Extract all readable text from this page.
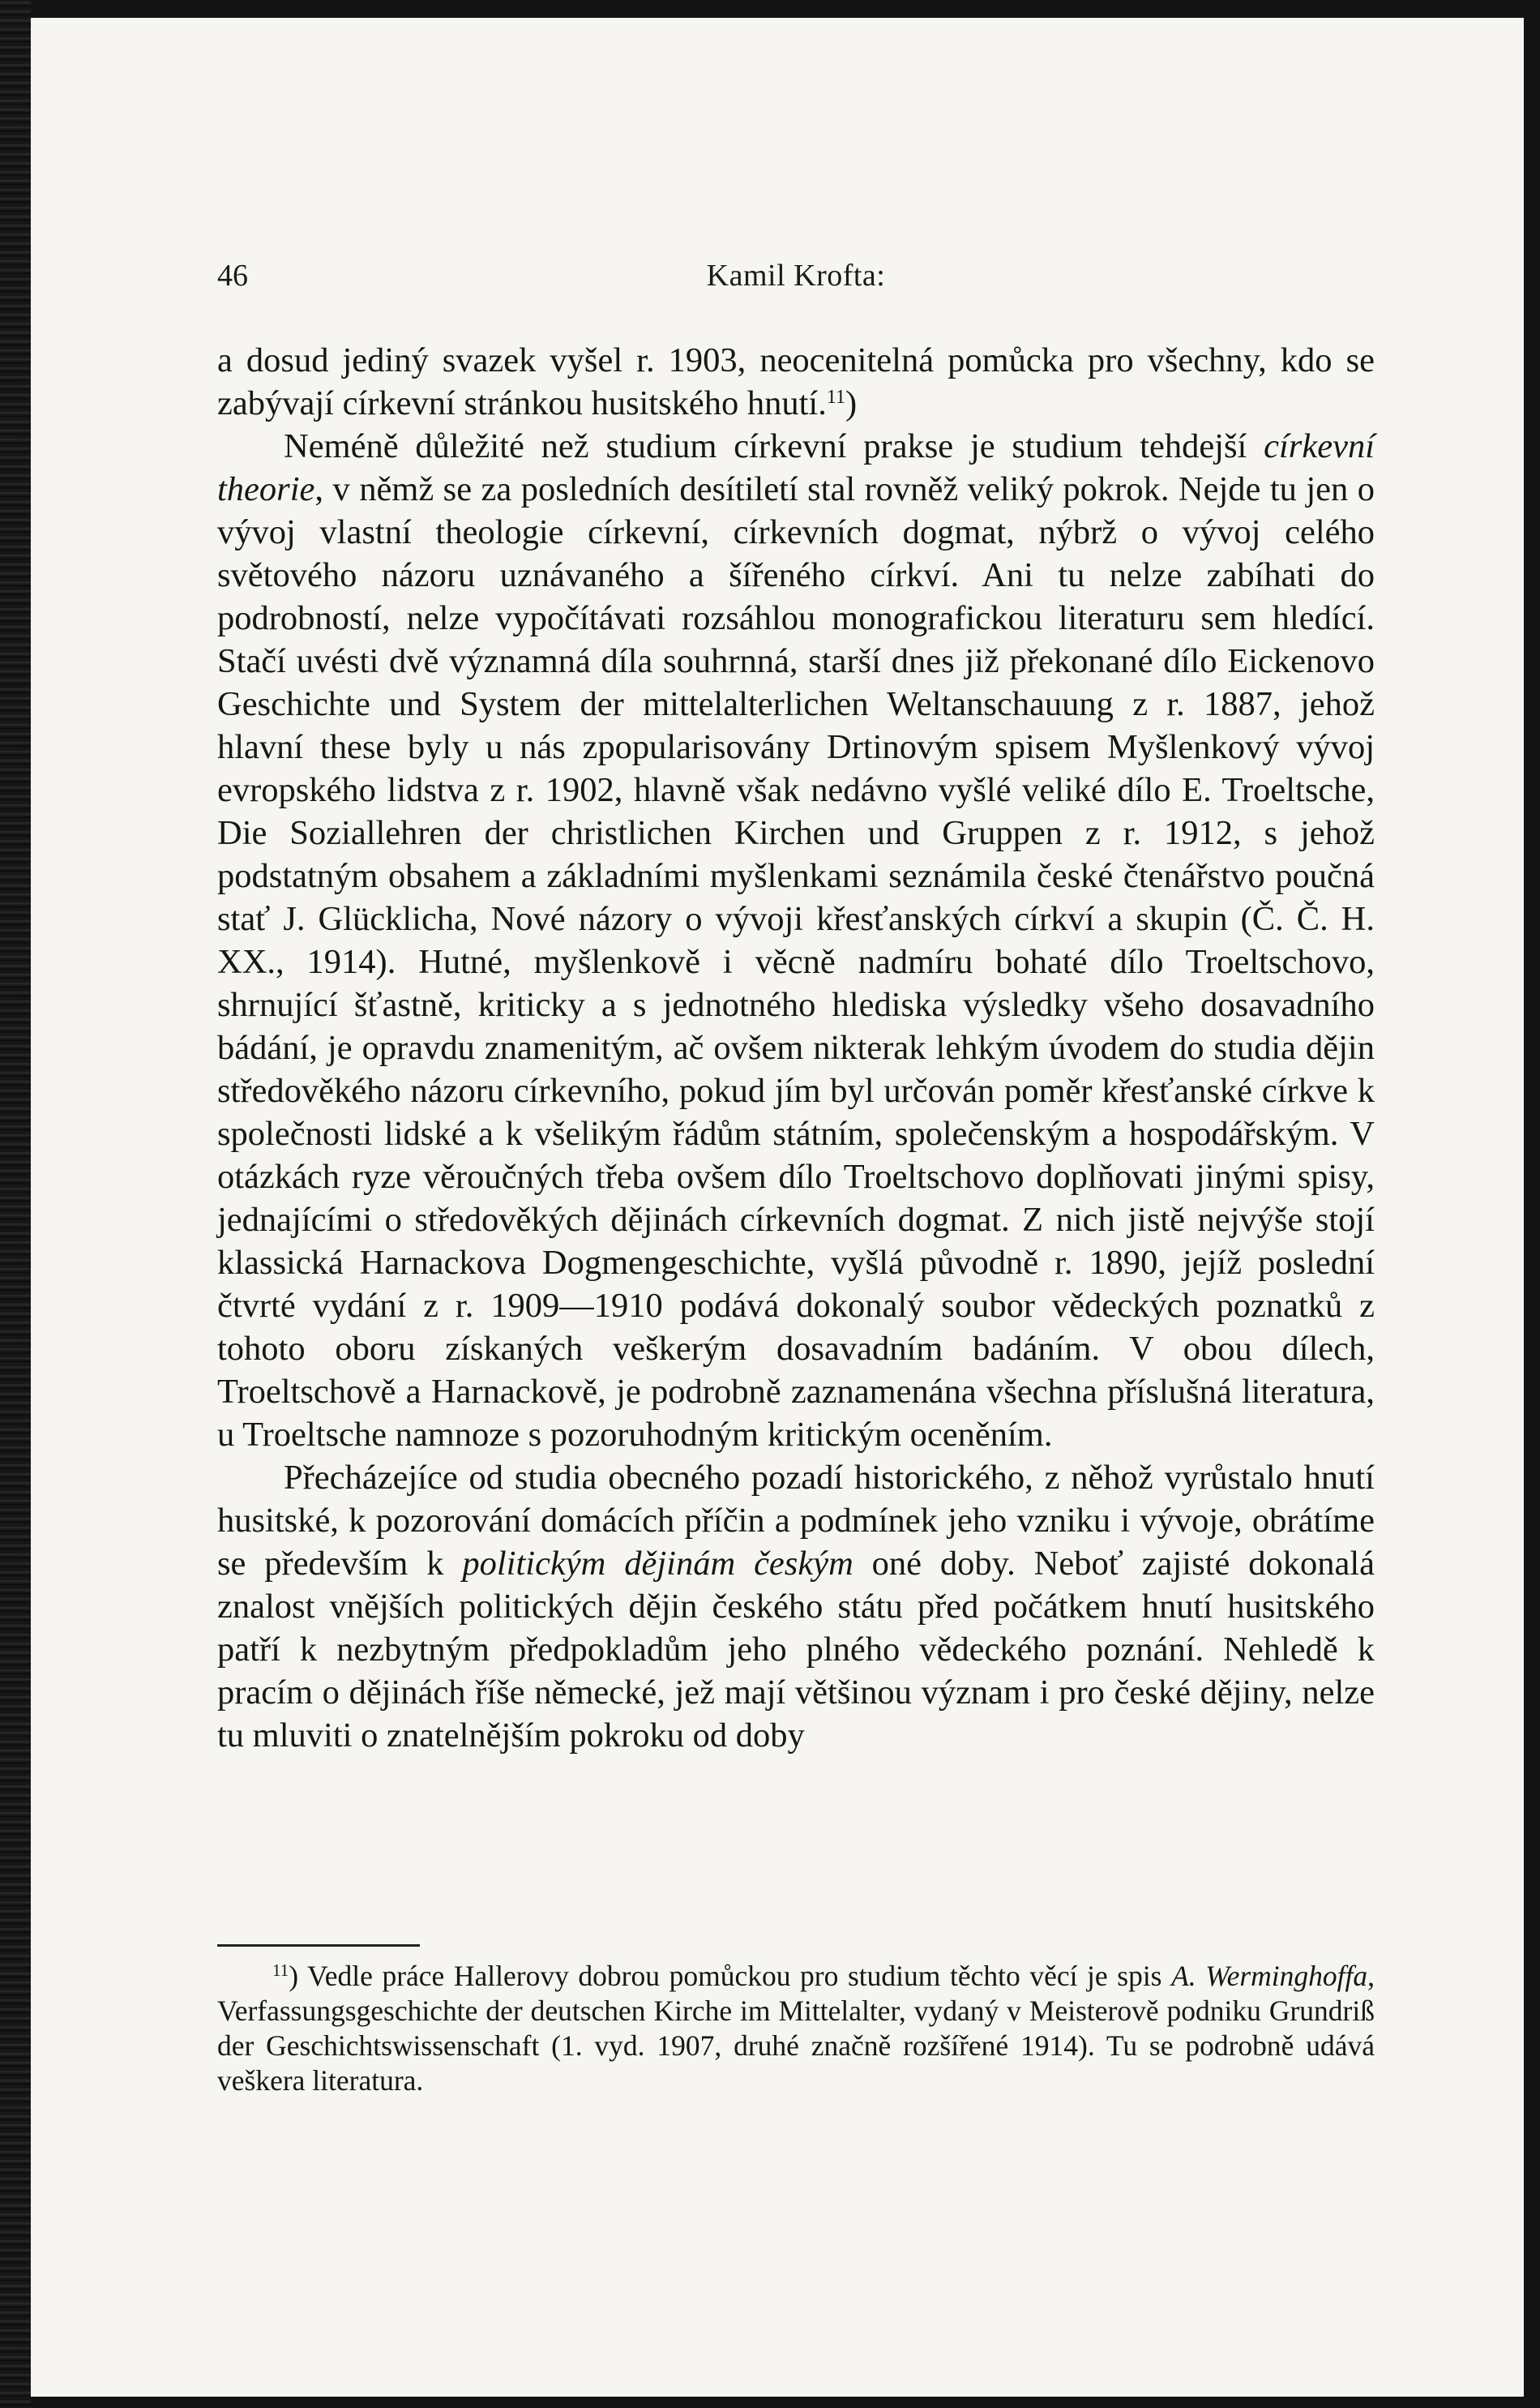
46	Kamil Krofta:

a dosud jediný svazek vyšel r. 1903, neocenitelná pomůcka pro všechny, kdo se zabývají církevní stránkou husitského hnutí.$^{11}$)

Neméně důležité než studium církevní prakse je studium tehdejší církevní theorie, v němž se za posledních desítiletí stal rovněž veliký pokrok. Nejde tu jen o vývoj vlastní theologie církevní, církevních dogmat, nýbrž o vývoj celého světového názoru uznávaného a šířeného církví. Ani tu nelze zabíhati do podrobností, nelze vypočítávati rozsáhlou monografickou literaturu sem hledící. Stačí uvésti dvě významná díla souhrnná, starší dnes již překonané dílo Eickenovo Geschichte und System der mittelalterlichen Weltanschauung z r. 1887, jehož hlavní these byly u nás zpopularisovány Drtinovým spisem Myšlenkový vývoj evropského lidstva z r. 1902, hlavně však nedávno vyšlé veliké dílo E. Troeltsche, Die Soziallehren der christlichen Kirchen und Gruppen z r. 1912, s jehož podstatným obsahem a základními myšlenkami seznámila české čtenářstvo poučná stať J. Glücklicha, Nové názory o vývoji křesťanských církví a skupin (Č. Č. H. XX., 1914). Hutné, myšlenkově i věcně nadmíru bohaté dílo Troeltschovo, shrnující šťastně, kriticky a s jednotného hlediska výsledky všeho dosavadního bádání, je opravdu znamenitým, ač ovšem nikterak lehkým úvodem do studia dějin středověkého názoru církevního, pokud jím byl určován poměr křesťanské církve k společnosti lidské a k všelikým řádům státním, společenským a hospodářským. V otázkách ryze věroučných třeba ovšem dílo Troeltschovo doplňovati jinými spisy, jednajícími o středověkých dějinách církevních dogmat. Z nich jistě nejvýše stojí klassická Harnackova Dogmengeschichte, vyšlá původně r. 1890, jejíž poslední čtvrté vydání z r. 1909—1910 podává dokonalý soubor vědeckých poznatků z tohoto oboru získaných veškerým dosavadním badáním. V obou dílech, Troeltschově a Harnackově, je podrobně zaznamenána všechna příslušná literatura, u Troeltsche namnoze s pozoruhodným kritickým oceněním.

Přecházejíce od studia obecného pozadí historického, z něhož vyrůstalo hnutí husitské, k pozorování domácích příčin a podmínek jeho vzniku i vývoje, obrátíme se především k politickým dějinám českým oné doby. Neboť zajisté dokonalá znalost vnějších politických dějin českého státu před počátkem hnutí husitského patří k nezbytným předpokladům jeho plného vědeckého poznání. Nehledě k pracím o dějinách říše německé, jež mají většinou význam i pro české dějiny, nelze tu mluviti o znatelnějším pokroku od doby

$^{11}$) Vedle práce Hallerovy dobrou pomůckou pro studium těchto věcí je spis A. Werminghoffa, Verfassungsgeschichte der deutschen Kirche im Mittelalter, vydaný v Meisterově podniku Grundriß der Geschichtswissenschaft (1. vyd. 1907, druhé značně rozšířené 1914). Tu se podrobně udává veškera literatura.
